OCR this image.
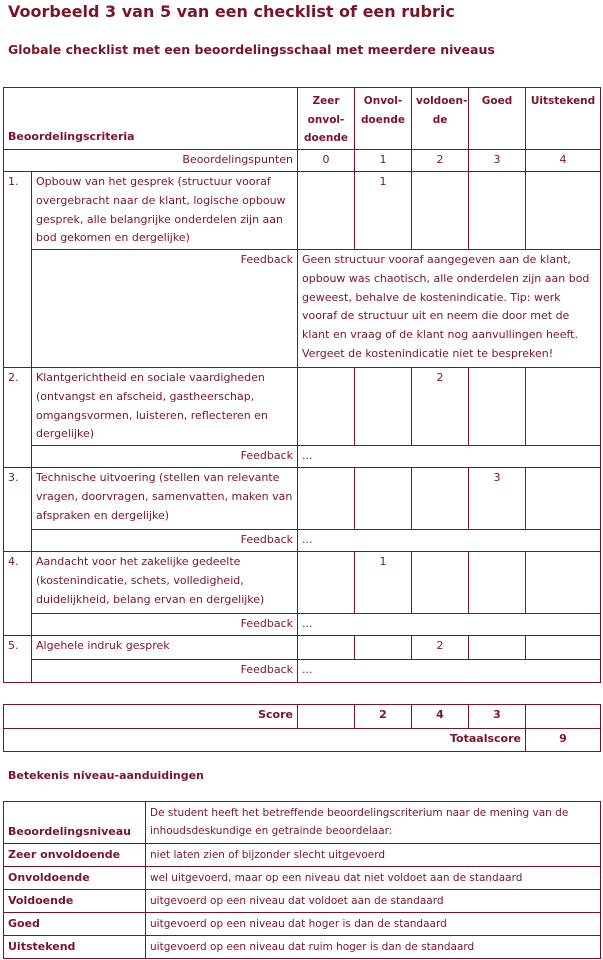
Voorbeeld 3 van 5 van een checklist of een rubric
Globale checklist met een beoordelingsschaal met meerdere niveaus
Beoordelingscriteria		Zeer onvol-doende	Onvol-doende	voldoen-de	Goed	Uitstekend
Beoordelingspunten		0	1	2	3	4
1.	Opbouw van het gesprek (structuur vooraf overgebracht naar de klant, logische opbouw gesprek, alle belangrijke onderdelen zijn aan bod gekomen en dergelijke)		1			
	Feedback	Geen structuur vooraf aangegeven aan de klant, opbouw was chaotisch, alle onderdelen zijn aan bod geweest, behalve de kostenindicatie. Tip: werk vooraf de structuur uit en neem die door met de klant en vraag of de klant nog aanvullingen heeft. Vergeet de kostenindicatie niet te bespreken!				
2.	Klantgerichtheid en sociale vaardigheden (ontvangst en afscheid, gastheerschap, omgangsvormen, luisteren, reflecteren en dergelijke)			2		
	Feedback	...				
3.	Technische uitvoering (stellen van relevante vragen, doorvragen, samenvatten, maken van afspraken en dergelijke)				3	
	Feedback	...				
4.	Aandacht voor het zakelijke gedeelte (kostenindicatie, schets, volledigheid, duidelijkheid, belang ervan en dergelijke)		1			
	Feedback	...				
5.	Algehele indruk gesprek			2		
	Feedback	...				
Score		2	4	3	
Totaalscore					9
Betekenis niveau-aanduidingen
Beoordelingsniveau	De student heeft het betreffende beoordelingscriterium naar de mening van de inhoudsdeskundige en getrainde beoordelaar:
Zeer onvoldoende	niet laten zien of bijzonder slecht uitgevoerd
Onvoldoende	wel uitgevoerd, maar op een niveau dat niet voldoet aan de standaard
Voldoende	uitgevoerd op een niveau dat voldoet aan de standaard
Goed	uitgevoerd op een niveau dat hoger is dan de standaard
Uitstekend	uitgevoerd op een niveau dat ruim hoger is dan de standaard
